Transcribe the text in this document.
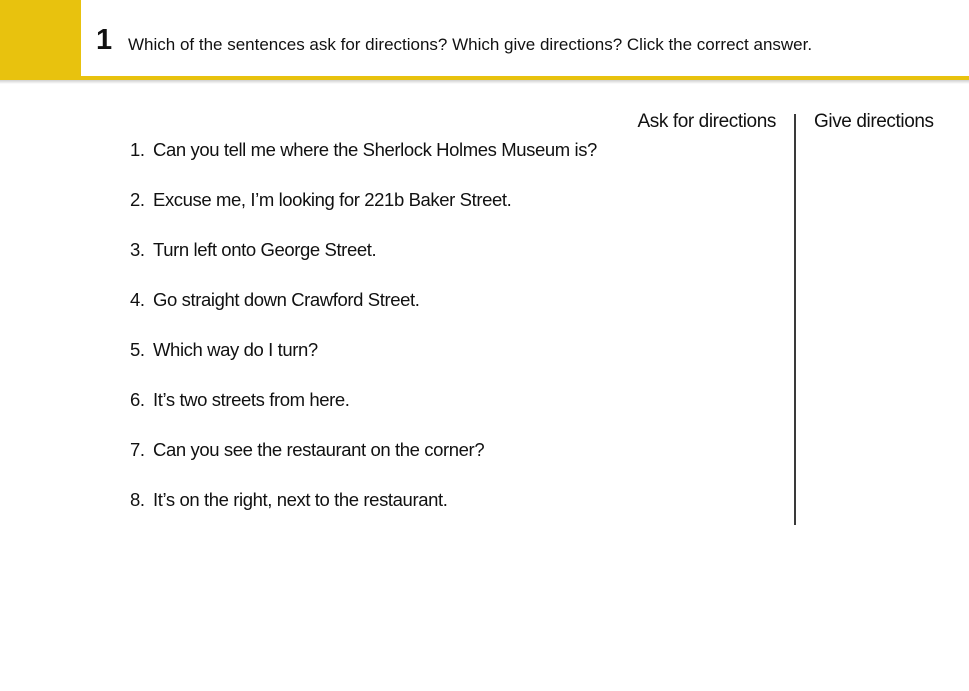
1 Which of the sentences ask for directions? Which give directions? Click the correct answer.
Ask for directions Give directions
1. Can you tell me where the Sherlock Holmes Museum is?
2. Excuse me, I’m looking for 221b Baker Street.
3. Turn left onto George Street.
4. Go straight down Crawford Street.
5. Which way do I turn?
6. It’s two streets from here.
7. Can you see the restaurant on the corner?
8. It’s on the right, next to the restaurant.
